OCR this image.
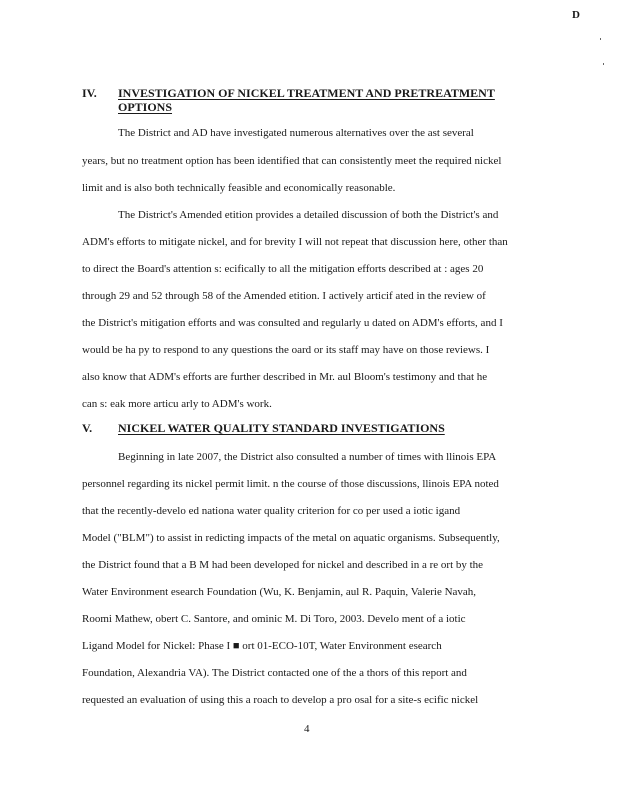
D
IV. INVESTIGATION OF NICKEL TREATMENT AND PRETREATMENT
OPTIONS
The District and AD have investigated numerous alternatives over the ast several
years, but no treatment option has been identified that can consistently meet the required nickel
limit and is also both technically feasible and economically reasonable.
The District's Amended etition provides a detailed discussion of both the District's and
ADM's efforts to mitigate nickel, and for brevity I will not repeat that discussion here, other than
to direct the Board's attention s: ecifically to all the mitigation efforts described at : ages 20
through 29 and 52 through 58 of the Amended etition. I actively articif ated in the review of
the District's mitigation efforts and was consulted and regularly u dated on ADM's efforts, and I
would be ha py to respond to any questions the oard or its staff may have on those reviews. I
also know that ADM's efforts are further described in Mr. aul Bloom's testimony and that he
can s: eak more articu arly to ADM's work.
V. NICKEL WATER QUALITY STANDARD INVESTIGATIONS
Beginning in late 2007, the District also consulted a number of times with llinois EPA
personnel regarding its nickel permit limit. n the course of those discussions, llinois EPA noted
that the recently-develo ed nationa water quality criterion for co per used a iotic igand
Model ("BLM") to assist in redicting impacts of the metal on aquatic organisms. Subsequently,
the District found that a B M had been developed for nickel and described in a re ort by the
Water Environment esearch Foundation (Wu, K. Benjamin, aul R. Paquin, Valerie Navah,
Roomi Mathew, obert C. Santore, and ominic M. Di Toro, 2003. Develo ment of a iotic
Ligand Model for Nickel: Phase I ■ ort 01-ECO-10T, Water Environment esearch
Foundation, Alexandria VA). The District contacted one of the a thors of this report and
requested an evaluation of using this a roach to develop a pro osal for a site-s ecific nickel
4
